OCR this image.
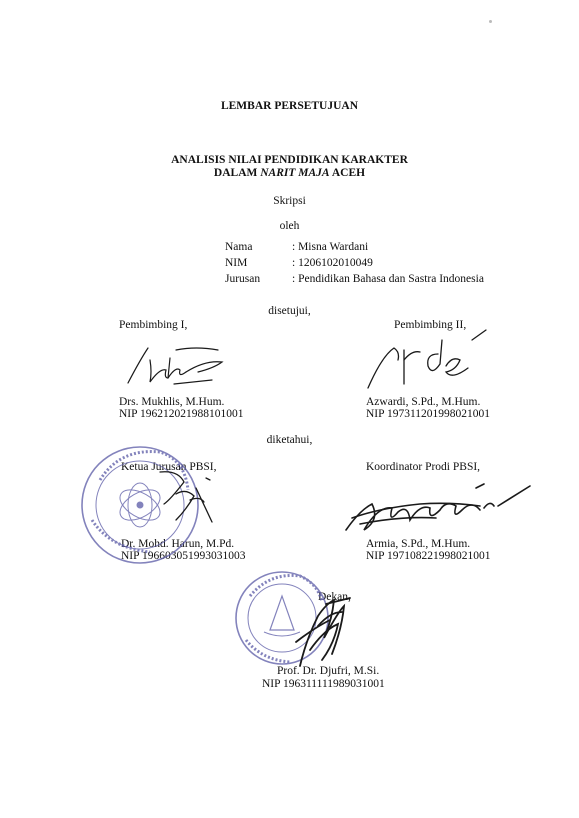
LEMBAR PERSETUJUAN
ANALISIS NILAI PENDIDIKAN KARAKTER
DALAM NARIT MAJA ACEH
Skripsi
oleh
Nama	: Misna Wardani
NIM	: 1206102010049
Jurusan	: Pendidikan Bahasa dan Sastra Indonesia
disetujui,
Pembimbing I,	Pembimbing II,
Drs. Mukhlis, M.Hum.
NIP 196212021988101001
Azwardi, S.Pd., M.Hum.
NIP 197311201998021001
diketahui,
Ketua Jurusan PBSI,	Koordinator Prodi PBSI,
Dr. Mohd. Harun, M.Pd.
NIP 196603051993031003
Armia, S.Pd., M.Hum.
NIP 197108221998021001
Dekan,
Prof. Dr. Djufri, M.Si.
NIP 196311111989031001
